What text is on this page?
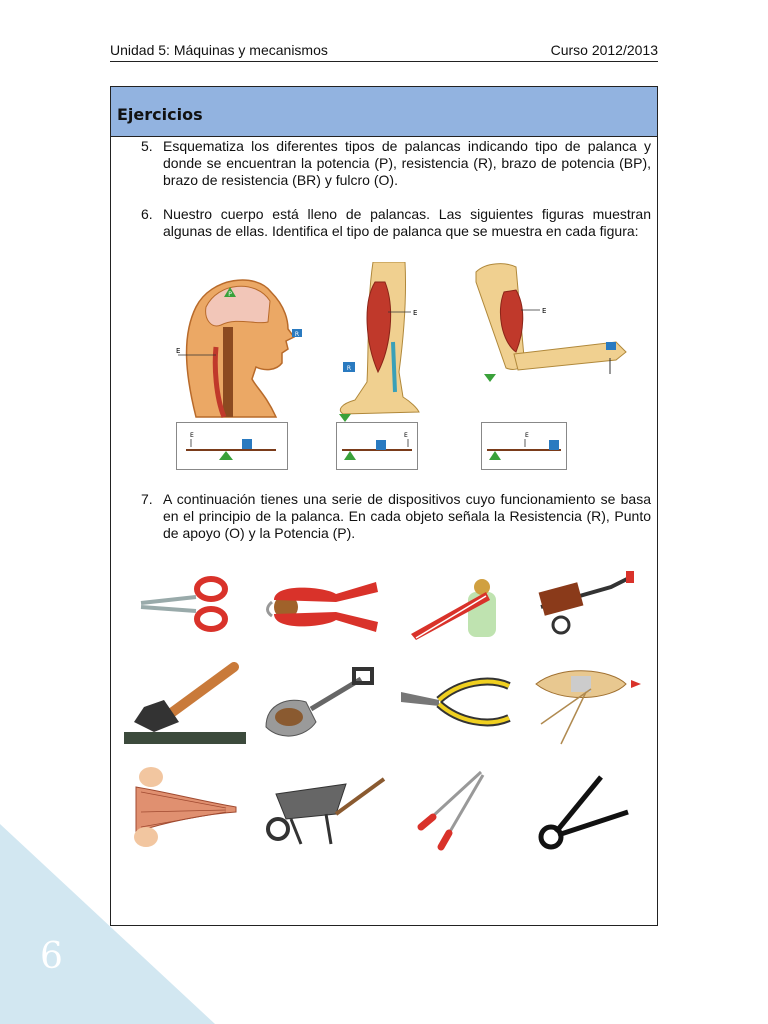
6
Unidad 5: Máquinas y mecanismos	Curso 2012/2013
Ejercicios
5. Esquematiza los diferentes tipos de palancas indicando tipo de palanca y donde se encuentran la potencia (P), resistencia (R), brazo de potencia (BP), brazo de resistencia (BR) y fulcro (O).
6. Nuestro cuerpo está lleno de palancas. Las siguientes figuras muestran algunas de ellas. Identifica el tipo de palanca que se muestra en cada figura:
P
R
E
R
E	E
E	E	E
7. A continuación tienes una serie de dispositivos cuyo funcionamiento se basa en el principio de la palanca. En cada objeto señala la Resistencia (R), Punto de apoyo (O) y la Potencia (P).
